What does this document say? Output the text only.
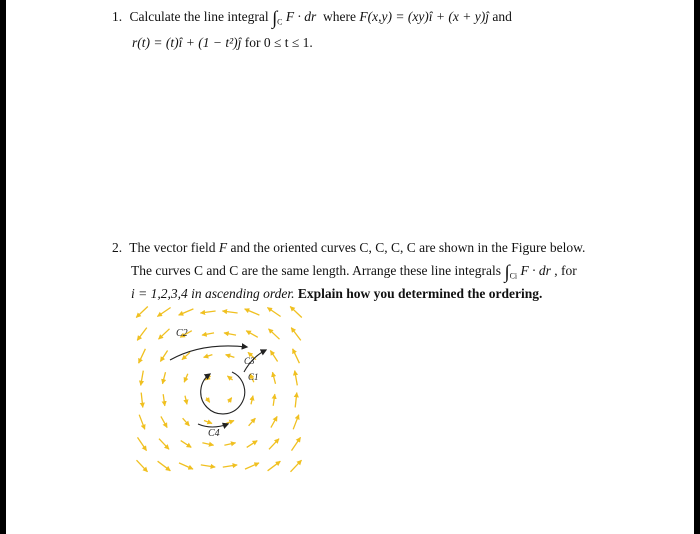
1. Calculate the line integral $\int_C$ F · dr where F(x,y) = (xy)î + (x + y)ĵ and
r(t) = (t)î + (1 − t²)ĵ for 0 ≤ t ≤ 1.
2. The vector field F and the oriented curves C, C, C, C are shown in the Figure below.
The curves C and C are the same length. Arrange these line integrals $\int_{Ci}$ F · dr , for
i = 1,2,3,4 in ascending order. Explain how you determined the ordering.
C2
C3
C1
C4
